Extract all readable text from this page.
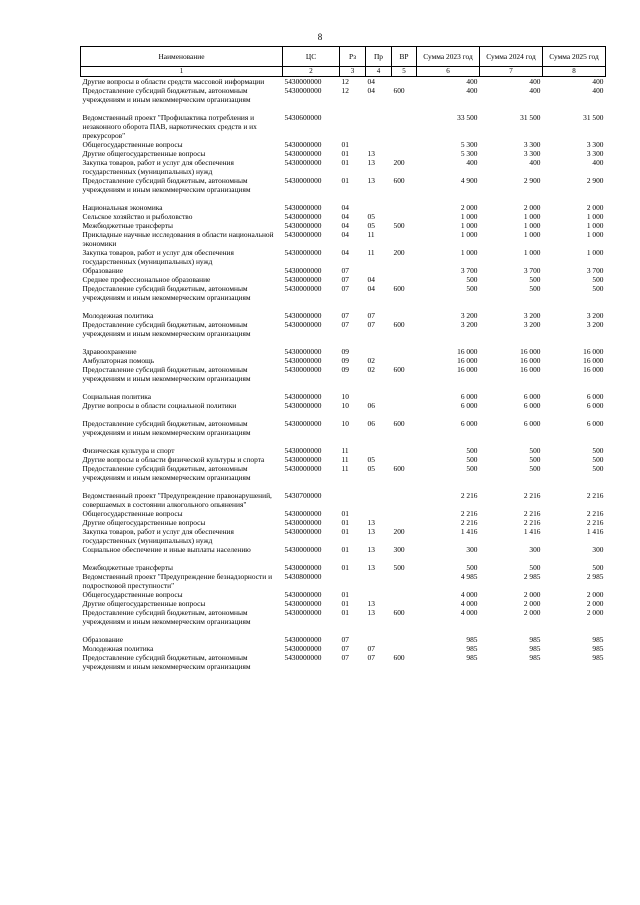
8
Наименование	ЦС	Рз	Пр	ВР	Сумма 2023 год	Сумма 2024 год	Сумма 2025 год
1	2	3	4	5	6	7	8
Другие вопросы в области средств массовой информации	5430000000	12	04		400	400	400
Предоставление субсидий бюджетным, автономным учреждениям и иным некоммерческим организациям	5430000000	12	04	600	400	400	400

Ведомственный проект "Профилактика потребления и незаконного оборота ПАВ, наркотических средств и их прекурсоров"	5430600000				33 500	31 500	31 500
Общегосударственные вопросы	5430000000	01			5 300	3 300	3 300
Другие общегосударственные вопросы	5430000000	01	13		5 300	3 300	3 300
Закупка товаров, работ и услуг для обеспечения государственных (муниципальных) нужд	5430000000	01	13	200	400	400	400
Предоставление субсидий бюджетным, автономным учреждениям и иным некоммерческим организациям	5430000000	01	13	600	4 900	2 900	2 900

Национальная экономика	5430000000	04			2 000	2 000	2 000
Сельское хозяйство и рыболовство	5430000000	04	05		1 000	1 000	1 000
Межбюджетные трансферты	5430000000	04	05	500	1 000	1 000	1 000
Прикладные научные исследования в области национальной экономики	5430000000	04	11		1 000	1 000	1 000
Закупка товаров, работ и услуг для обеспечения государственных (муниципальных) нужд	5430000000	04	11	200	1 000	1 000	1 000
Образование	5430000000	07			3 700	3 700	3 700
Среднее профессиональное образование	5430000000	07	04		500	500	500
Предоставление субсидий бюджетным, автономным учреждениям и иным некоммерческим организациям	5430000000	07	04	600	500	500	500

Молодежная политика	5430000000	07	07		3 200	3 200	3 200
Предоставление субсидий бюджетным, автономным учреждениям и иным некоммерческим организациям	5430000000	07	07	600	3 200	3 200	3 200

Здравоохранение	5430000000	09			16 000	16 000	16 000
Амбулаторная помощь	5430000000	09	02		16 000	16 000	16 000
Предоставление субсидий бюджетным, автономным учреждениям и иным некоммерческим организациям	5430000000	09	02	600	16 000	16 000	16 000

Социальная политика	5430000000	10			6 000	6 000	6 000
Другие вопросы в области социальной политики	5430000000	10	06		6 000	6 000	6 000

Предоставление субсидий бюджетным, автономным учреждениям и иным некоммерческим организациям	5430000000	10	06	600	6 000	6 000	6 000

Физическая культура и спорт	5430000000	11			500	500	500
Другие вопросы в области физической культуры и спорта	5430000000	11	05		500	500	500
Предоставление субсидий бюджетным, автономным учреждениям и иным некоммерческим организациям	5430000000	11	05	600	500	500	500

Ведомственный проект "Предупреждение правонарушений, совершаемых в состоянии алкогольного опьянения"	5430700000				2 216	2 216	2 216
Общегосударственные вопросы	5430000000	01			2 216	2 216	2 216
Другие общегосударственные вопросы	5430000000	01	13		2 216	2 216	2 216
Закупка товаров, работ и услуг для обеспечения государственных (муниципальных) нужд	5430000000	01	13	200	1 416	1 416	1 416
Социальное обеспечение и иные выплаты населению	5430000000	01	13	300	300	300	300

Межбюджетные трансферты	5430000000	01	13	500	500	500	500
Ведомственный проект "Предупреждение безнадзорности и подростковой преступности"	5430800000				4 985	2 985	2 985
Общегосударственные вопросы	5430000000	01			4 000	2 000	2 000
Другие общегосударственные вопросы	5430000000	01	13		4 000	2 000	2 000
Предоставление субсидий бюджетным, автономным учреждениям и иным некоммерческим организациям	5430000000	01	13	600	4 000	2 000	2 000

Образование	5430000000	07			985	985	985
Молодежная политика	5430000000	07	07		985	985	985
Предоставление субсидий бюджетным, автономным учреждениям и иным некоммерческим организациям	5430000000	07	07	600	985	985	985
